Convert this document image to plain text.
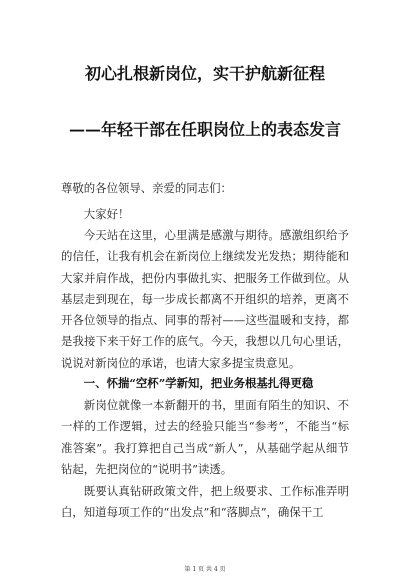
初心扎根新岗位，实干护航新征程
——年轻干部在任职岗位上的表态发言
尊敬的各位领导、亲爱的同志们：
大家好！
今天站在这里，心里满是感激与期待。感激组织给予的信任，让我有机会在新岗位上继续发光发热；期待能和大家并肩作战，把份内事做扎实、把服务工作做到位。从基层走到现在，每一步成长都离不开组织的培养，更离不开各位领导的指点、同事的帮衬——这些温暖和支持，都是我接下来干好工作的底气。今天，我想以几句心里话，说说对新岗位的承诺，也请大家多提宝贵意见。
一、怀揣“空杯”学新知，把业务根基扎得更稳
新岗位就像一本新翻开的书，里面有陌生的知识、不一样的工作逻辑，过去的经验只能当“参考”，不能当“标准答案”。我打算把自己当成“新人”，从基础学起从细节钻起，先把岗位的“说明书”读透。
既要认真钻研政策文件，把上级要求、工作标准弄明白，知道每项工作的“出发点”和“落脚点”，确保干工
第 1 页 共 4 页
